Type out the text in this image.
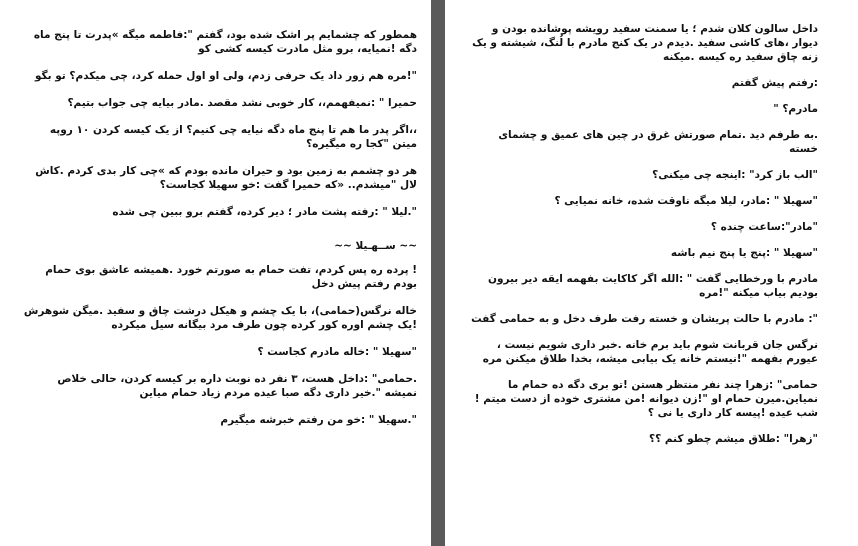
همطور که چشمایم پر اشک شده بود، گفتم ":فاطمه میگه »پدرت تا پنج ماه دگه !نمیایه، برو مثل مادرت کیسه کشی کو

"!مره هم زور داد یک حرفی زدم، ولی او اول حمله کرد، چی میکدم؟ تو بگو

حمیرا " :نمیفهمم،، کار خوبی نشد مقصد .مادر بیایه چی جواب بتیم؟

،،اگر پدر ما هم تا پنج ماه دگه نیایه چی کنیم؟ از یک کیسه کردن ۱۰ روپه میتن "کجا ره میگیره؟

هر دو چشمم به زمین بود و حیران مانده بودم که »چی کار بدی کردم .کاش لال "میشدم.. «که حمیرا گفت :خو سهیلا کجاست؟

".لیلا " :رفته پشت مادر ؛ دیر کرده، گفتم برو ببین چی شده

~~ ســهـیلا ~~

! پرده ره پس کردم، تفت حمام به صورتم خورد .همیشه عاشق بوی حمام بودم رفتم پیش دخل

خاله نرگس(حمامی)، با یک چشم و هیکل درشت چاق و سفید .میگن شوهرش !یک چشم اوره کور کرده چون طرف مرد بیگانه سیل میکرده

"سهیلا " :خاله مادرم کجاست ؟

.حمامی" :داخل هست، ۳ نفر ده نوبت داره بر کیسه کردن، حالی خلاص نمیشه ".خیر داری دگه صبا عیده مردم زیاد حمام میاین

".سهیلا " :خو من رفتم خبرشه میگیرم

داخل سالون کلان شدم ؛ یا سمنت سفید رویشه پوشانده بودن و دیوار ،های کاشی سفید .دیدم در یک کنج مادرم با لُنگ، شیشته و یک زنه چاق سفید ره کیسه .میکنه

:رفتم پیش گفتم

مادرم؟ "

.به طرفم دید .تمام صورتش غرق در چین های عمیق و چشمای خسته

"الب باز کرد" :اینجه چی میکنی؟

"سهیلا " :مادر، لیلا میگه ناوقت شده، خانه نمیایی ؟

"مادر":ساعت چنده ؟

"سهیلا " :پنج یا پنج نیم باشه

مادرم با ورخطایی گفت " :الله اگر کاکایت بفهمه ایقه دیر بیرون بودیم بیاب میکنه "!مره

": مادرم با حالت پریشان و خسته رفت طرف دخل و به حمامی گفت

نرگس جان قربانت شوم باید برم خانه .خبر داری شویم نیست ، عیورم بفهمه "!نیستم خانه یک بیابی میشه، بخدا طلاق میکنن مره

حمامی" :زهرا چند نفر منتظر هستن !تو بری دگه ده حمام ما نمیاین.میرن حمام او "!زن دیوانه !من مشتری خوده از دست میتم !شب عیده !پیسه کار داری یا نی ؟

"زهرا" :طلاق میشم چطو کنم ؟؟
